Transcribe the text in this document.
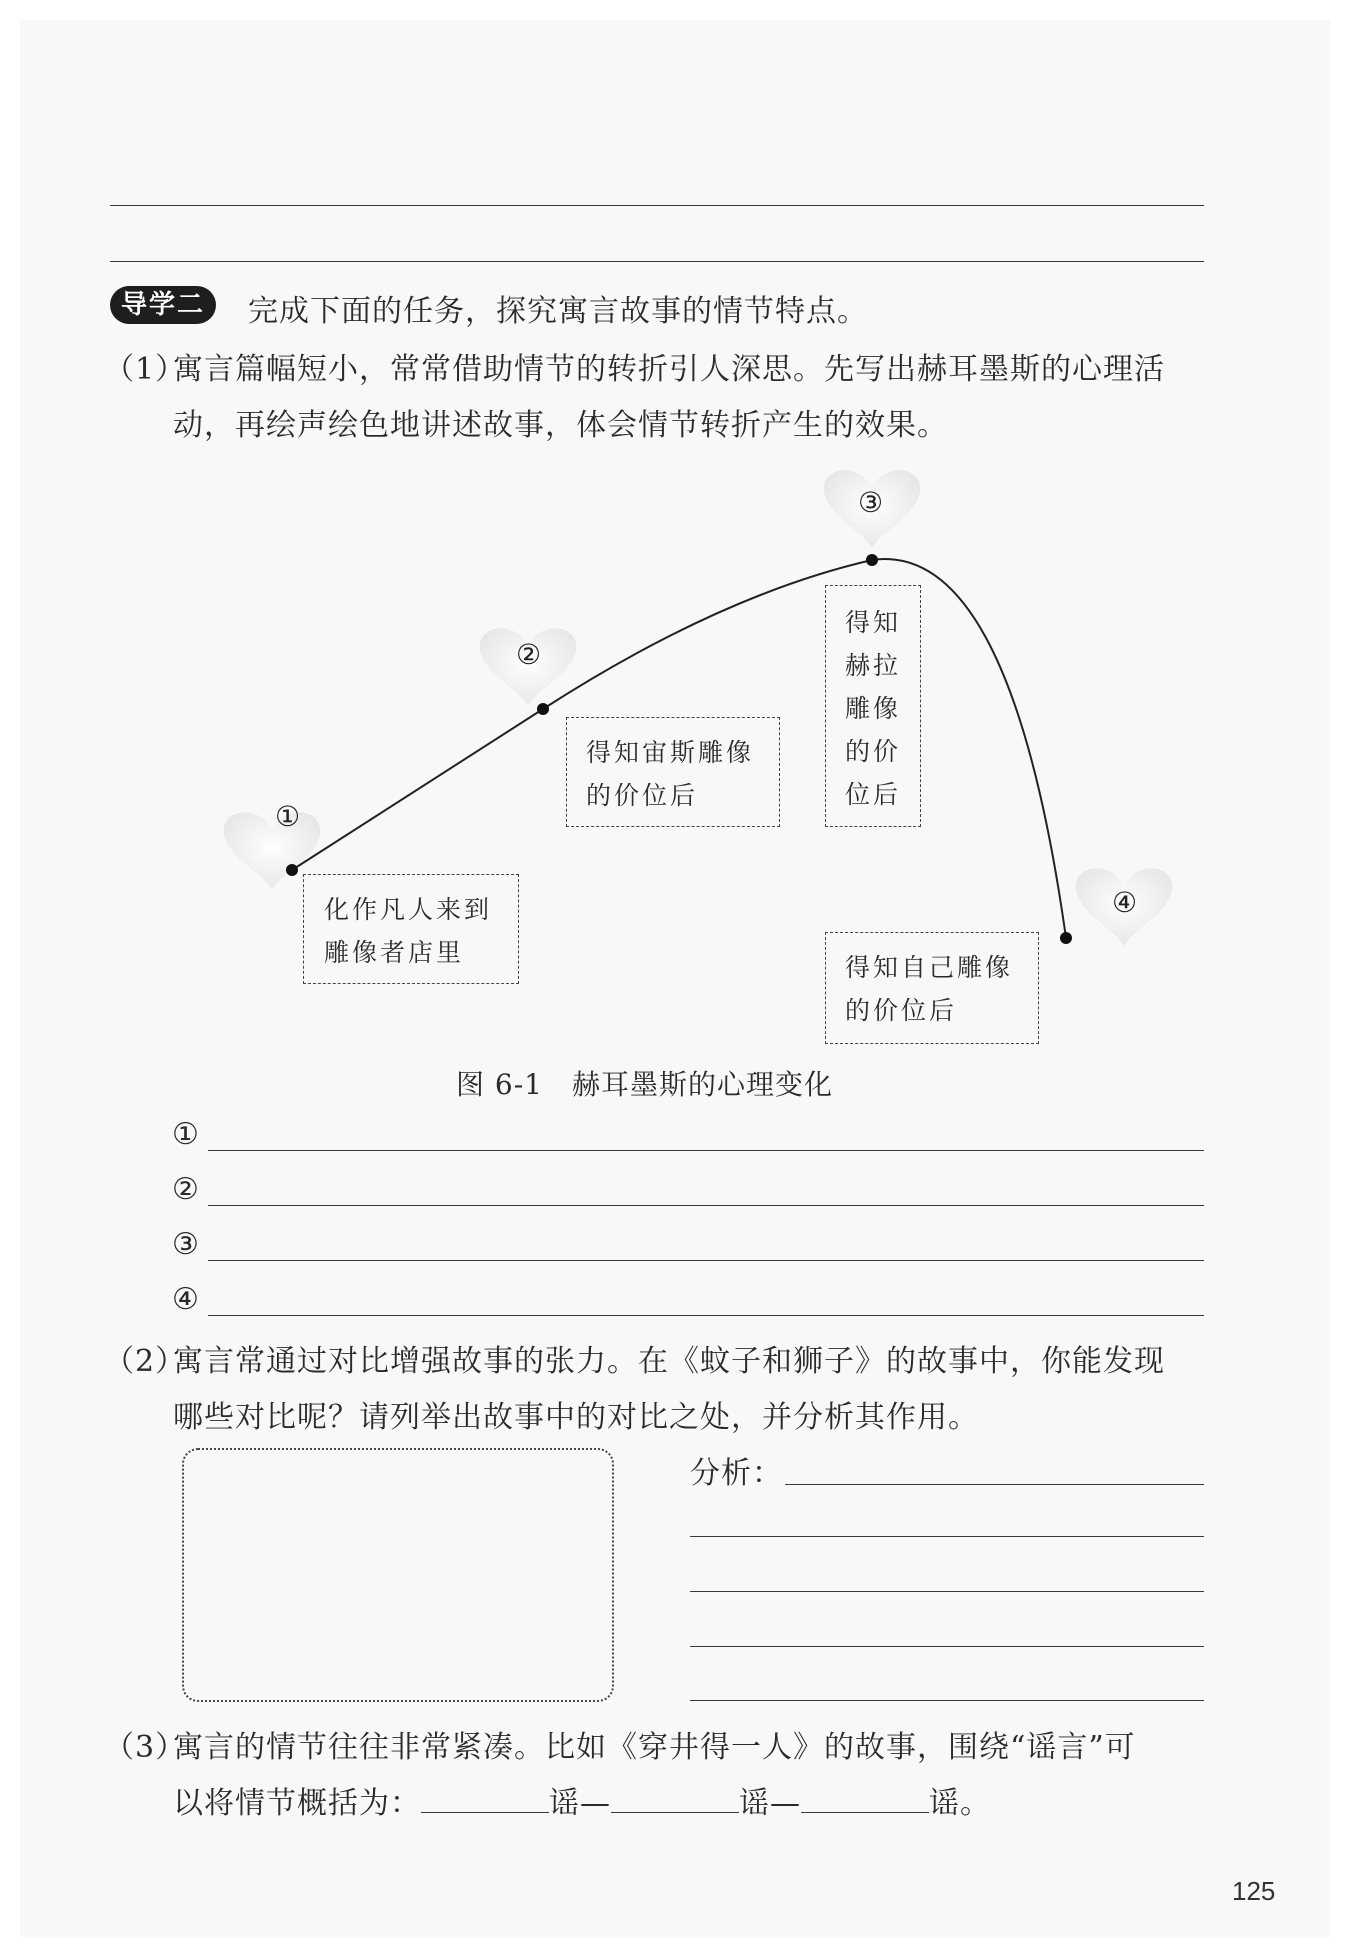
导学二	完成下面的任务，探究寓言故事的情节特点。
（1）
寓言篇幅短小，常常借助情节的转折引人深思。先写出赫耳墨斯的心理活
动，再绘声绘色地讲述故事，体会情节转折产生的效果。
①
②
③
④
化作凡人来到
雕像者店里
得知宙斯雕像
的价位后
得知
赫拉
雕像
的价
位后
得知自己雕像
的价位后
图 6-1　赫耳墨斯的心理变化
①
②
③
④
（2）
寓言常通过对比增强故事的张力。在《蚊子和狮子》的故事中，你能发现
哪些对比呢？请列举出故事中的对比之处，并分析其作用。
分析：
（3）
寓言的情节往往非常紧凑。比如《穿井得一人》的故事，围绕“谣言”可
以将情节概括为：	谣—	谣—	谣。
125
